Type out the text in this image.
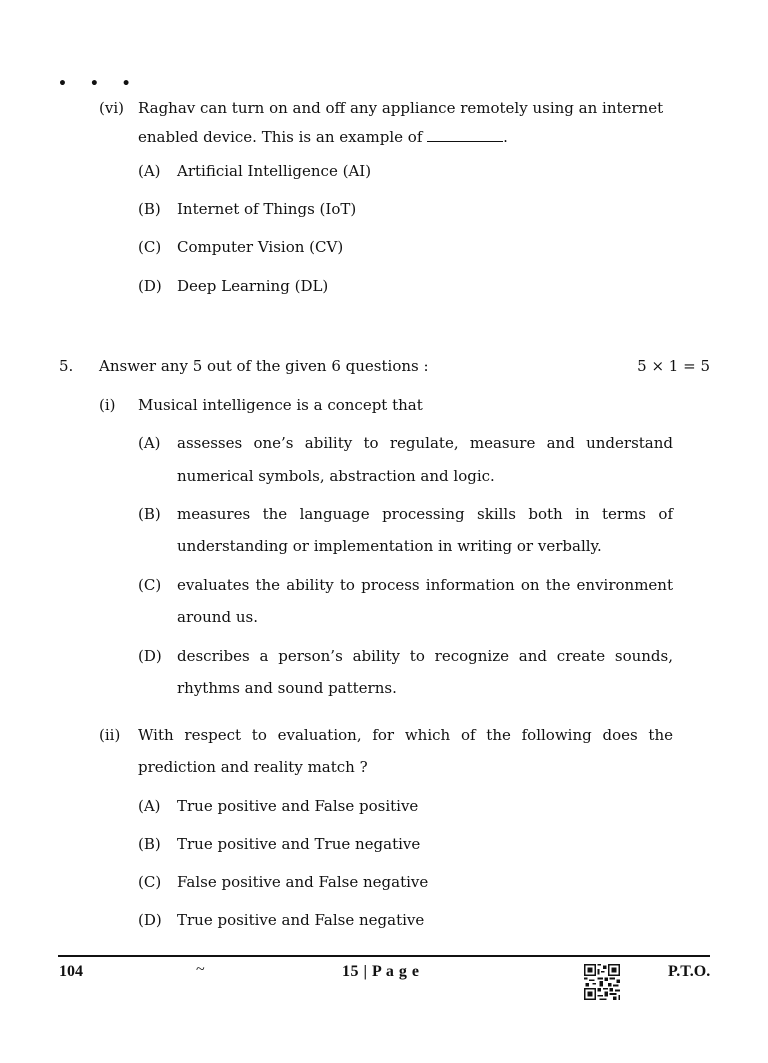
• • •
(vi) Raghav can turn on and off any appliance remotely using an internet
enabled device. This is an example of	.
(A) Artificial Intelligence (AI)
(B) Internet of Things (IoT)
(C) Computer Vision (CV)
(D) Deep Learning (DL)
5. Answer any 5 out of the given 6 questions :	5 × 1 = 5
(i) Musical intelligence is a concept that
(A) assesses one’s ability to regulate, measure and understand
numerical symbols, abstraction and logic.
(B) measures the language processing skills both in terms of
understanding or implementation in writing or verbally.
(C) evaluates the ability to process information on the environment
around us.
(D) describes a person’s ability to recognize and create sounds,
rhythms and sound patterns.
(ii) With respect to evaluation, for which of the following does the
prediction and reality match ?
(A) True positive and False positive
(B) True positive and True negative
(C) False positive and False negative
(D) True positive and False negative
104	~	15 | P a g e	P.T.O.
